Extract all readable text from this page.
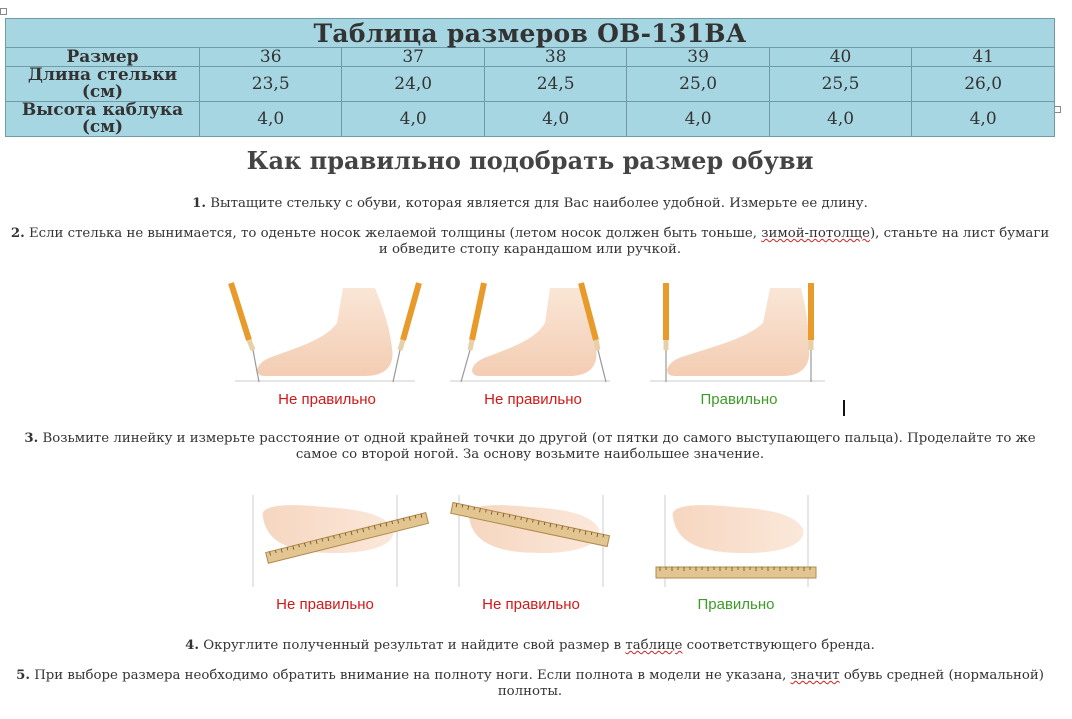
Таблица размеров ОВ-131ВА						
Размер	36	37	38	39	40	41
Длина стельки (см)	23,5	24,0	24,5	25,0	25,5	26,0
Высота каблука (см)	4,0	4,0	4,0	4,0	4,0	4,0
Как правильно подобрать размер обуви
1. Вытащите стельку с обуви, которая является для Вас наиболее удобной. Измерьте ее длину.
2. Если стелька не вынимается, то оденьте носок желаемой толщины (летом носок должен быть тоньше, зимой-потолще), станьте на лист бумаги и обведите стопу карандашом или ручкой.
Не правильно	Не правильно	Правильно
3. Возьмите линейку и измерьте расстояние от одной крайней точки до другой (от пятки до самого выступающего пальца). Проделайте то же самое со второй ногой. За основу возьмите наибольшее значение.
Не правильно	Не правильно	Правильно
4. Округлите полученный результат и найдите свой размер в таблице соответствующего бренда.
5. При выборе размера необходимо обратить внимание на полноту ноги. Если полнота в модели не указана, значит обувь средней (нормальной) полноты.
